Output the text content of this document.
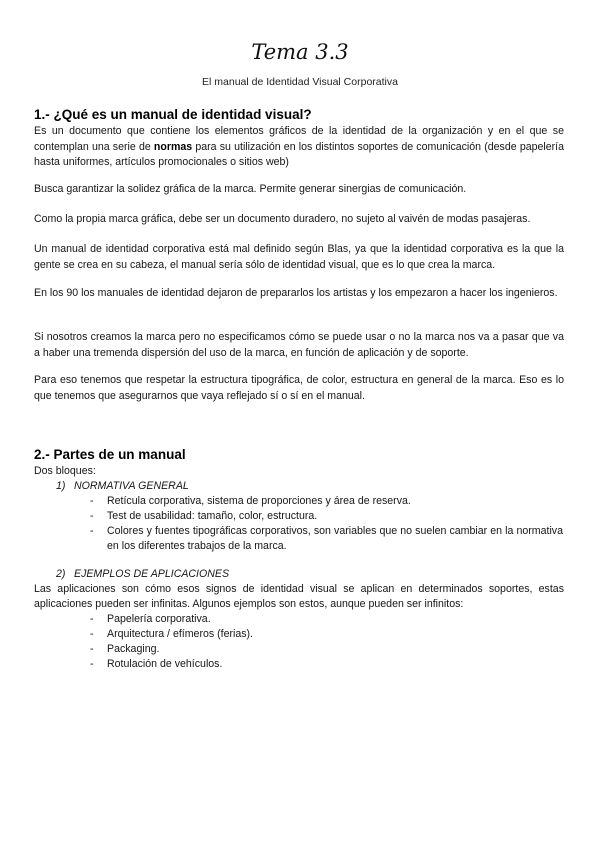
Tema 3.3
El manual de Identidad Visual Corporativa
1.- ¿Qué es un manual de identidad visual?
Es un documento que contiene los elementos gráficos de la identidad de la organización y en el que se contemplan una serie de normas para su utilización en los distintos soportes de comunicación (desde papelería hasta uniformes, artículos promocionales o sitios web)
Busca garantizar la solidez gráfica de la marca. Permite generar sinergias de comunicación.
Como la propia marca gráfica, debe ser un documento duradero, no sujeto al vaivén de modas pasajeras.
Un manual de identidad corporativa está mal definido según Blas, ya que la identidad corporativa es la que la gente se crea en su cabeza, el manual sería sólo de identidad visual, que es lo que crea la marca.
En los 90 los manuales de identidad dejaron de prepararlos los artistas y los empezaron a hacer los ingenieros.
Si nosotros creamos la marca pero no especificamos cómo se puede usar o no la marca nos va a pasar que va a haber una tremenda dispersión del uso de la marca, en función de aplicación y de soporte.
Para eso tenemos que respetar la estructura tipográfica, de color, estructura en general de la marca. Eso es lo que tenemos que asegurarnos que vaya reflejado sí o sí en el manual.
2.- Partes de un manual
Dos bloques:
1) NORMATIVA GENERAL
- Retícula corporativa, sistema de proporciones y área de reserva.
- Test de usabilidad: tamaño, color, estructura.
- Colores y fuentes tipográficas corporativos, son variables que no suelen cambiar en la normativa en los diferentes trabajos de la marca.
2) EJEMPLOS DE APLICACIONES
Las aplicaciones son cómo esos signos de identidad visual se aplican en determinados soportes, estas aplicaciones pueden ser infinitas. Algunos ejemplos son estos, aunque pueden ser infinitos:
- Papelería corporativa.
- Arquitectura / efímeros (ferias).
- Packaging.
- Rotulación de vehículos.
